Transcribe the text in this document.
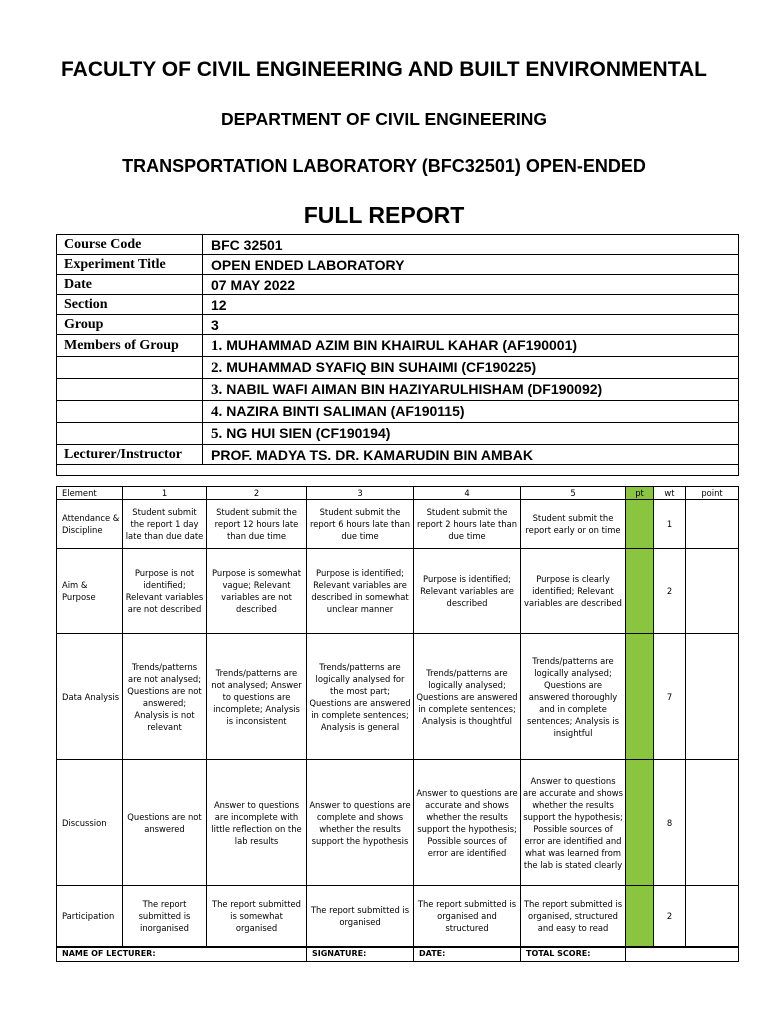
FACULTY OF CIVIL ENGINEERING AND BUILT ENVIRONMENTAL
DEPARTMENT OF CIVIL ENGINEERING
TRANSPORTATION LABORATORY (BFC32501) OPEN-ENDED
FULL REPORT
Course Code	BFC 32501
Experiment Title	OPEN ENDED LABORATORY
Date	07 MAY 2022
Section	12
Group	3
Members of Group	1. MUHAMMAD AZIM BIN KHAIRUL KAHAR (AF190001)
	2. MUHAMMAD SYAFIQ BIN SUHAIMI (CF190225)
	3. NABIL WAFI AIMAN BIN HAZIYARULHISHAM (DF190092)
	4. NAZIRA BINTI SALIMAN (AF190115)
	5. NG HUI SIEN (CF190194)
Lecturer/Instructor	PROF. MADYA TS. DR. KAMARUDIN BIN AMBAK

Element	1	2	3	4	5	pt	wt	point
Attendance & Discipline	Student submit the report 1 day late than due date	Student submit the report 12 hours late than due time	Student submit the report 6 hours late than due time	Student submit the report 2 hours late than due time	Student submit the report early or on time		1	
Aim & Purpose	Purpose is not identified; Relevant variables are not described	Purpose is somewhat vague; Relevant variables are not described	Purpose is identified; Relevant variables are described in somewhat unclear manner	Purpose is identified; Relevant variables are described	Purpose is clearly identified; Relevant variables are described		2	
Data Analysis	Trends/patterns are not analysed; Questions are not answered; Analysis is not relevant	Trends/patterns are not analysed; Answer to questions are incomplete; Analysis is inconsistent	Trends/patterns are logically analysed for the most part; Questions are answered in complete sentences; Analysis is general	Trends/patterns are logically analysed; Questions are answered in complete sentences; Analysis is thoughtful	Trends/patterns are logically analysed; Questions are answered thoroughly and in complete sentences; Analysis is insightful		7	
Discussion	Questions are not answered	Answer to questions are incomplete with little reflection on the lab results	Answer to questions are complete and shows whether the results support the hypothesis	Answer to questions are accurate and shows whether the results support the hypothesis; Possible sources of error are identified	Answer to questions are accurate and shows whether the results support the hypothesis; Possible sources of error are identified and what was learned from the lab is stated clearly		8	
Participation	The report submitted is inorganised	The report submitted is somewhat organised	The report submitted is organised	The report submitted is organised and structured	The report submitted is organised, structured and easy to read		2	
NAME OF LECTURER:			SIGNATURE:	DATE:	TOTAL SCORE:			
